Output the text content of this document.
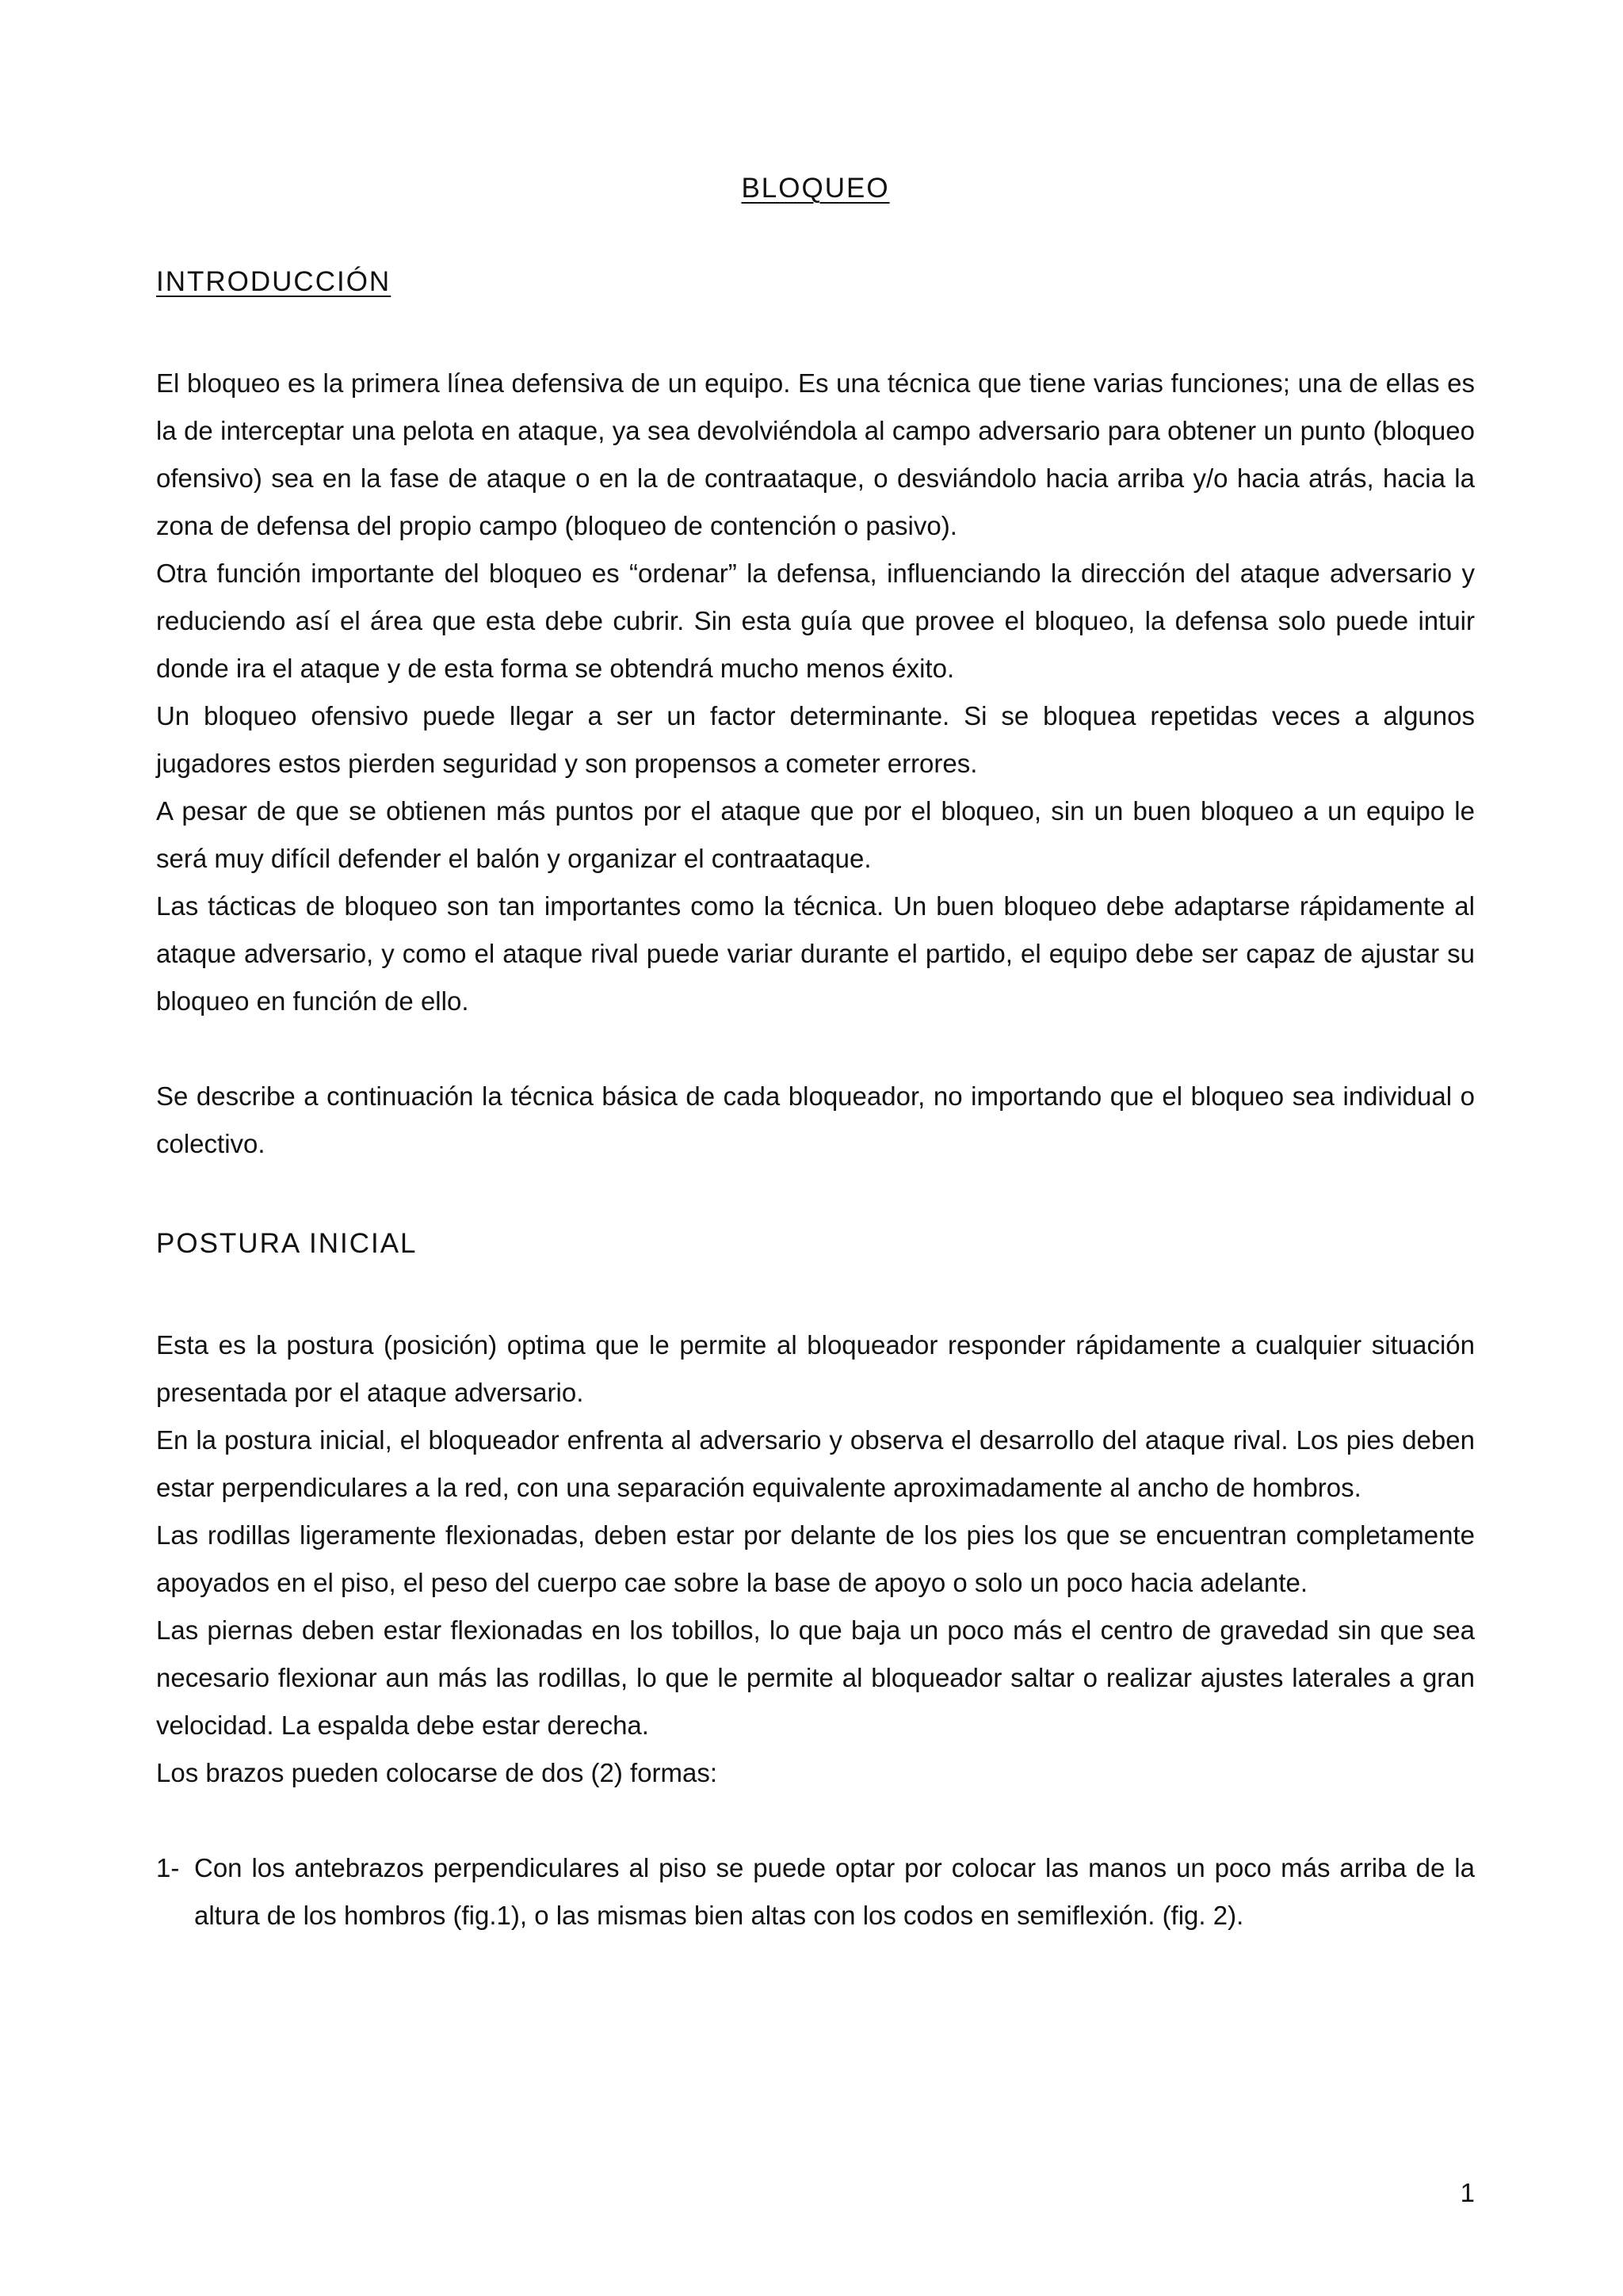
BLOQUEO
INTRODUCCIÓN

El bloqueo es la primera línea defensiva de un equipo. Es una técnica que tiene varias funciones; una de ellas es la de interceptar una pelota en ataque, ya sea devolviéndola al campo adversario para obtener un punto (bloqueo ofensivo) sea en la fase de ataque o en la de contraataque, o desviándolo hacia arriba y/o hacia atrás, hacia la zona de defensa del propio campo (bloqueo de contención o pasivo).

Otra función importante del bloqueo es “ordenar” la defensa, influenciando la dirección del ataque adversario y reduciendo así el área que esta debe cubrir. Sin esta guía que provee el bloqueo, la defensa solo puede intuir donde ira el ataque y de esta forma se obtendrá mucho menos éxito.

Un bloqueo ofensivo puede llegar a ser un factor determinante. Si se bloquea repetidas veces a algunos jugadores estos pierden seguridad y son propensos a cometer errores.

A pesar de que se obtienen más puntos por el ataque que por el bloqueo, sin un buen bloqueo a un equipo le será muy difícil defender el balón y organizar el contraataque.

Las tácticas de bloqueo son tan importantes como la técnica. Un buen bloqueo debe adaptarse rápidamente al ataque adversario, y como el ataque rival puede variar durante el partido, el equipo debe ser capaz de ajustar su bloqueo en función de ello.

Se describe a continuación la técnica básica de cada bloqueador, no importando que el bloqueo sea individual o colectivo.

POSTURA INICIAL

Esta es la postura (posición) optima que le permite al bloqueador responder rápidamente a cualquier situación presentada por el ataque adversario.

En la postura inicial, el bloqueador enfrenta al adversario y observa el desarrollo del ataque rival. Los pies deben estar perpendiculares a la red, con una separación equivalente aproximadamente al ancho de hombros.

Las rodillas ligeramente flexionadas, deben estar por delante de los pies los que se encuentran completamente apoyados en el piso, el peso del cuerpo cae sobre la base de apoyo o solo un poco hacia adelante.

Las piernas deben estar flexionadas en los tobillos, lo que baja un poco más el centro de gravedad sin que sea necesario flexionar aun más las rodillas, lo que le permite al bloqueador saltar o realizar ajustes laterales a gran velocidad. La espalda debe estar derecha.

Los brazos pueden colocarse de dos (2) formas:

1- Con los antebrazos perpendiculares al piso se puede optar por colocar las manos un poco más arriba de la altura de los hombros (fig.1), o las mismas bien altas con los codos en semiflexión. (fig. 2).
1
